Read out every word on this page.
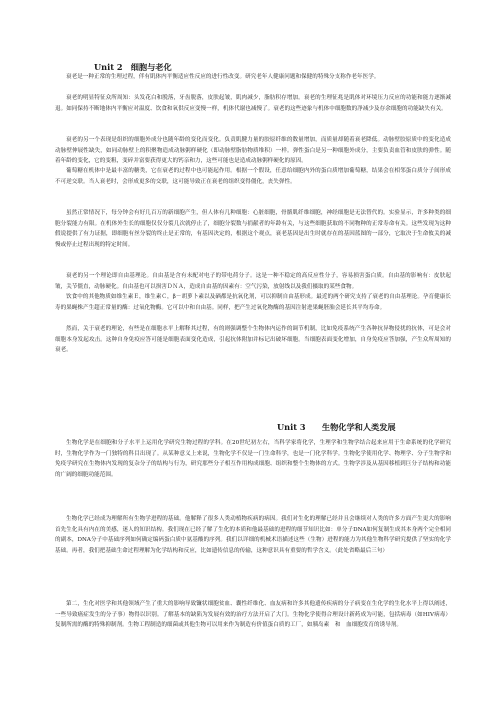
Unit 2　细胞与老化

衰老是一种正常的生理过程，伴有肌体内平衡适应性反应的进行性改变。研究老年人健康问题和保健的特殊分支称作老年医学。

衰老的明显特征众所周知：头发花白和脱落，牙齿脱落，皮肤起皱，肌肉减少，脂肪积存增加。衰老的生理征兆是肌体对环境压力反应的功能和能力逐渐减退。如同保持不断地体内平衡应对温度、饮食和氧供反应变慢一样，机体代谢也减慢了。衰老的这些迹象与机体中细胞数的净减少及存余细胞的功能缺失有关。

衰老的另一个表现是组织的细胞外成分也随年龄的变化而变化。负责肌腱力量的胶原纤维的数量增加，而质量却随着衰老降低。动脉壁胶原质中的变化造成动脉壁伸展性缺失，如同动脉壁上的积聚物造成动脉粥样硬化（即动脉壁脂肪物质堆积）一样。弹性蛋白是另一种细胞外成分，主要负责血管和皮肤的弹性。随着年龄的变化，它的变粗，变碎并富要获得更大的钙亲和力，这些可能也是造成动脉粥样硬化的原因。

葡萄糖在机体中是最丰富的糖类，它在衰老的过程中也可能起作用。根据一个假设，任意给细胞内外的蛋白质增加葡萄糖，结果会在相邻蛋白质分子间形成不可逆交联。当人衰老时，会形成更多的交联，这可能导致正在衰老的组织变得僵化，丧失弹性。

虽然正常情况下，每分钟会有好几百万的新细胞产生，但人体有几种细胞：心脏细胞，骨骼肌纤维细胞，神经细胞是无法替代的。实验显示，许多种类的细胞分裂能力有限。在机体外生长的细胞仅仅分裂几次就停止了，细胞分裂数与捐献者的年龄有关，与这些细胞获取的不同物种的正常寿命有关。这些发现为这种假说提供了有力证据，即细胞有丝分裂的终止是正常的，有基因决定的，根据这个观点，衰老基因是出生时就存在的基因蓝图的一部分，它取决于生命攸关的减慢或停止过程出现的特定时间。

衰老的另一个理论即自由基理论。自由基是含有未配对电子的带电荷分子。这是一种不稳定的高反应性分子，容易损害蛋白质。自由基的影响有：皮肤起皱，关节僵直，动脉硬化。自由基也可以损害ＤＮＡ，造成自由基的因素有：空气污染，放射线以及我们摄取的某些食物。

饮食中的其他物质如维生素Ｅ，维生素Ｃ，β－胡萝卜素以及硒都是抗氧化剂，可以抑制自由基形成。最近的两个研究支持了衰老的自由基理论。孕育健康长寿的果蝇株产生超正常量的酶：过氧化物酶。它可以中和自由基。同样，把产生过氧化物酶的基因注射进果蝇胚胎会延长其平均寿命。

然而，关于衰老的理论，有些是在细胞水平上解释其过程，有的则强调整个生物体内运作的调节机制，比如免疫系统产生各种抗异物侵扰的抗体，可是会对细胞本身发起攻击。这种自身免疫应答可能是细胞表面变化造成，引起抗体附加并标记出破坏细胞。当细胞表面变化增加，自身免疫应答加强，产生众所周知的衰老。

Unit 3　　生物化学和人类发展

生物化学是在细胞和分子水平上运用化学研究生物过程的学科。在20世纪初左右，当科学家将化学，生理学和生物学结合起来应用于生命系统的化学研究时，生物化学作为一门独特的科目出现了。从某种意义上来说，生物化学不仅是一门生命科学，也是一门化学科学。生物化学使用化学、物理学、分子生物学和免疫学研究在生物体内发现的复杂分子的结构与行为，研究那些分子相互作用构成细胞、组织和整个生物体的方式。生物学涉及从基因移植到巨分子结构和功能的广阔的细胞功能范围。

生物化学已经成为理解所有生物学进程的基础。他解释了很多人类动植物疾病的病因。我们对生化的理解已经并且会继续对人类的许多方面产生更大的影响首先生化具有内在的美感，迷人的知识结构。我们现在已经了解了生化的本质和他最基础的进程的细节知识比如：单分子DNA如何复制生成其本身两个完全相同的副本，DNA分子中基础序列如何确定编码蛋白质中氨基酸的序列。我们以详细的机械术语描述这些（生物）进程的能力为其他生物科学研究提供了坚实的化学基础。再者，我们把基础生命过程理解为化学结构和反应，比如遗传信息的传输，这种意识具有重要的哲学含义。（此处省略最后三句）

第二，生化对医学和其他领域产生了重大的影响导致镰状细胞贫血、囊性纤维化、血友病和许多其他遗传疾病的分子病变在生化学的生化水平上得以阐述，一些导致癌症发生的分子事）物得以识别。了解基本的缺陷为发展有效的治疗方法开启了大门。生物化学使得合理设计新药成为可能，包括病毒（如HIV病毒）复制所需的酶的特殊抑制剂。生物工程制造的细菌或其他生物可以用来作为制造有价值蛋白质的工厂，如胰岛素　和　血细胞发育的诱导剂。
